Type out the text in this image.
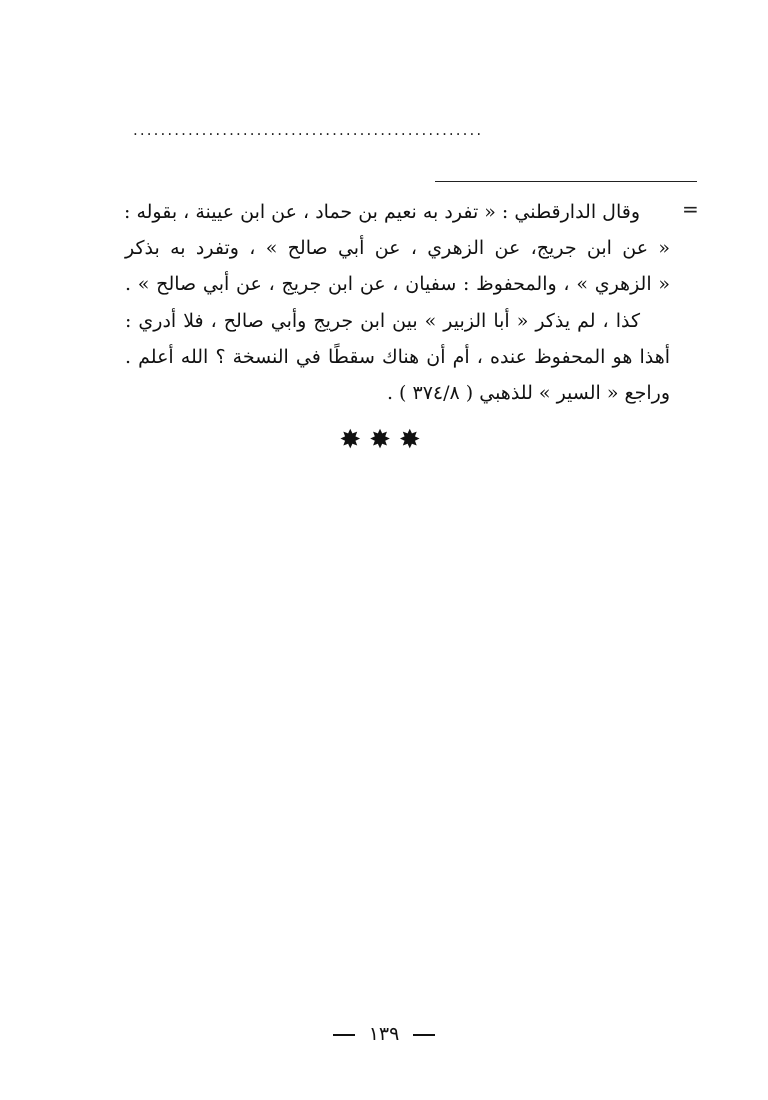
...................................................
=
وقال الدارقطني : « تفرد به نعيم بن حماد ، عن ابن عيينة ، بقوله :
« عن ابن جريج، عن الزهري ، عن أبي صالح » ، وتفرد به بذكر
« الزهري » ، والمحفوظ : سفيان ، عن ابن جريج ، عن أبي صالح » .
كذا ، لم يذكر « أبا الزبير » بين ابن جريج وأبي صالح ، فلا أدري :
أهذا هو المحفوظ عنده ، أم أن هناك سقطًا في النسخة ؟ الله أعلم .
وراجع « السير » للذهبي ( ٣٧٤/٨ ) .
✸✸✸
١٣٩
